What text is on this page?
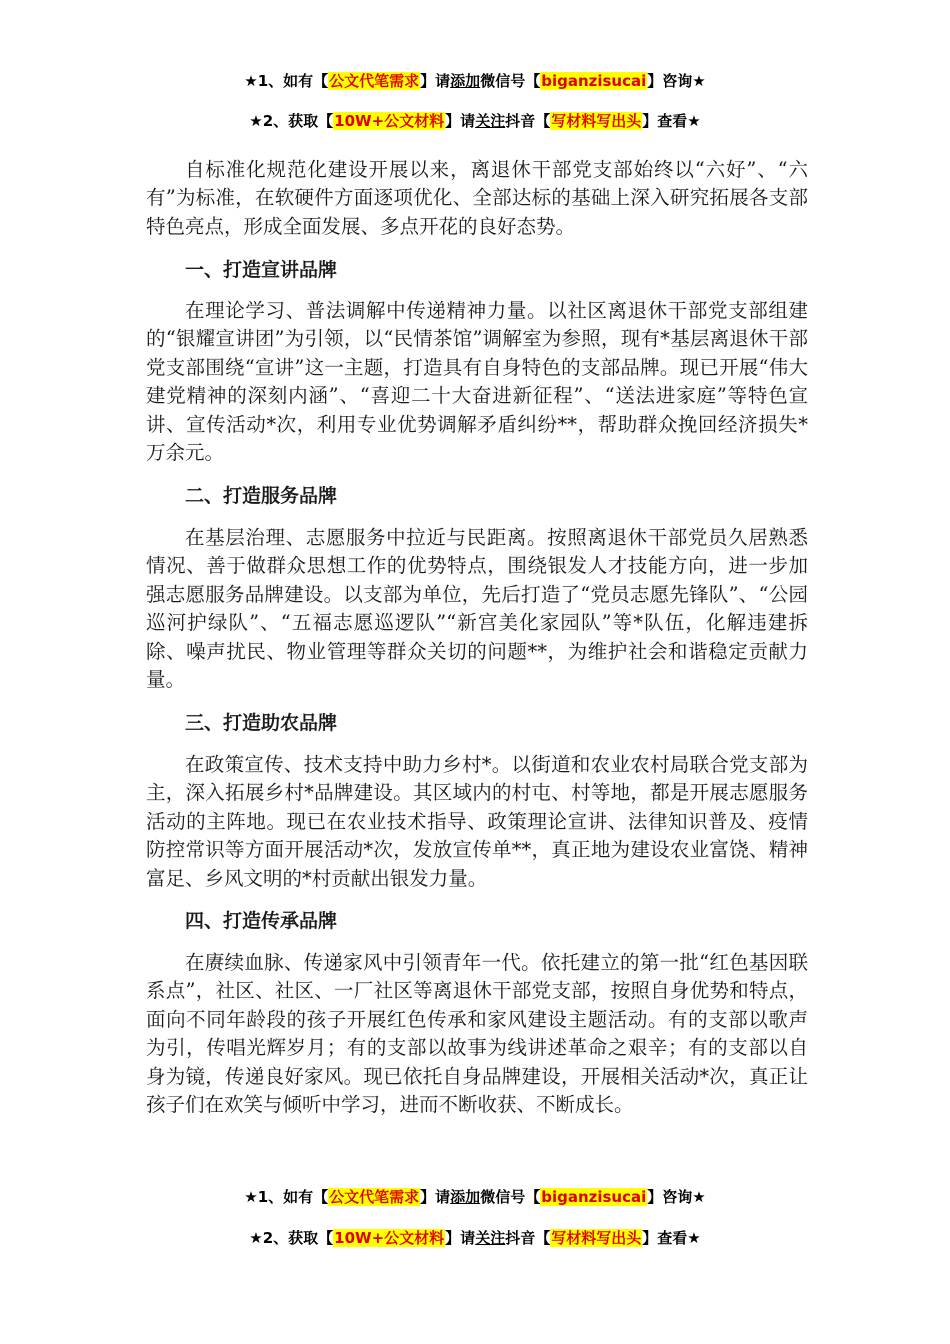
★1、如有【公文代笔需求】请添加微信号【biganzisucai】咨询★
★2、获取【10W+公文材料】请关注抖音【写材料写出头】查看★

自标准化规范化建设开展以来，离退休干部党支部始终以“六好”、“六有”为标准，在软硬件方面逐项优化、全部达标的基础上深入研究拓展各支部特色亮点，形成全面发展、多点开花的良好态势。

一、打造宣讲品牌

在理论学习、普法调解中传递精神力量。以社区离退休干部党支部组建的“银耀宣讲团”为引领，以“民情茶馆”调解室为参照，现有*基层离退休干部党支部围绕“宣讲”这一主题，打造具有自身特色的支部品牌。现已开展“伟大建党精神的深刻内涵”、“喜迎二十大奋进新征程”、“送法进家庭”等特色宣讲、宣传活动*次，利用专业优势调解矛盾纠纷**，帮助群众挽回经济损失*万余元。

二、打造服务品牌

在基层治理、志愿服务中拉近与民距离。按照离退休干部党员久居熟悉情况、善于做群众思想工作的优势特点，围绕银发人才技能方向，进一步加强志愿服务品牌建设。以支部为单位，先后打造了“党员志愿先锋队”、“公园巡河护绿队”、“五福志愿巡逻队”“新宫美化家园队”等*队伍，化解违建拆除、噪声扰民、物业管理等群众关切的问题**，为维护社会和谐稳定贡献力量。

三、打造助农品牌

在政策宣传、技术支持中助力乡村*。以街道和农业农村局联合党支部为主，深入拓展乡村*品牌建设。其区域内的村屯、村等地，都是开展志愿服务活动的主阵地。现已在农业技术指导、政策理论宣讲、法律知识普及、疫情防控常识等方面开展活动*次，发放宣传单**，真正地为建设农业富饶、精神富足、乡风文明的*村贡献出银发力量。

四、打造传承品牌

在赓续血脉、传递家风中引领青年一代。依托建立的第一批“红色基因联系点”，社区、社区、一厂社区等离退休干部党支部，按照自身优势和特点，面向不同年龄段的孩子开展红色传承和家风建设主题活动。有的支部以歌声为引，传唱光辉岁月；有的支部以故事为线讲述革命之艰辛；有的支部以自身为镜，传递良好家风。现已依托自身品牌建设，开展相关活动*次，真正让孩子们在欢笑与倾听中学习，进而不断收获、不断成长。

★1、如有【公文代笔需求】请添加微信号【biganzisucai】咨询★
★2、获取【10W+公文材料】请关注抖音【写材料写出头】查看★
